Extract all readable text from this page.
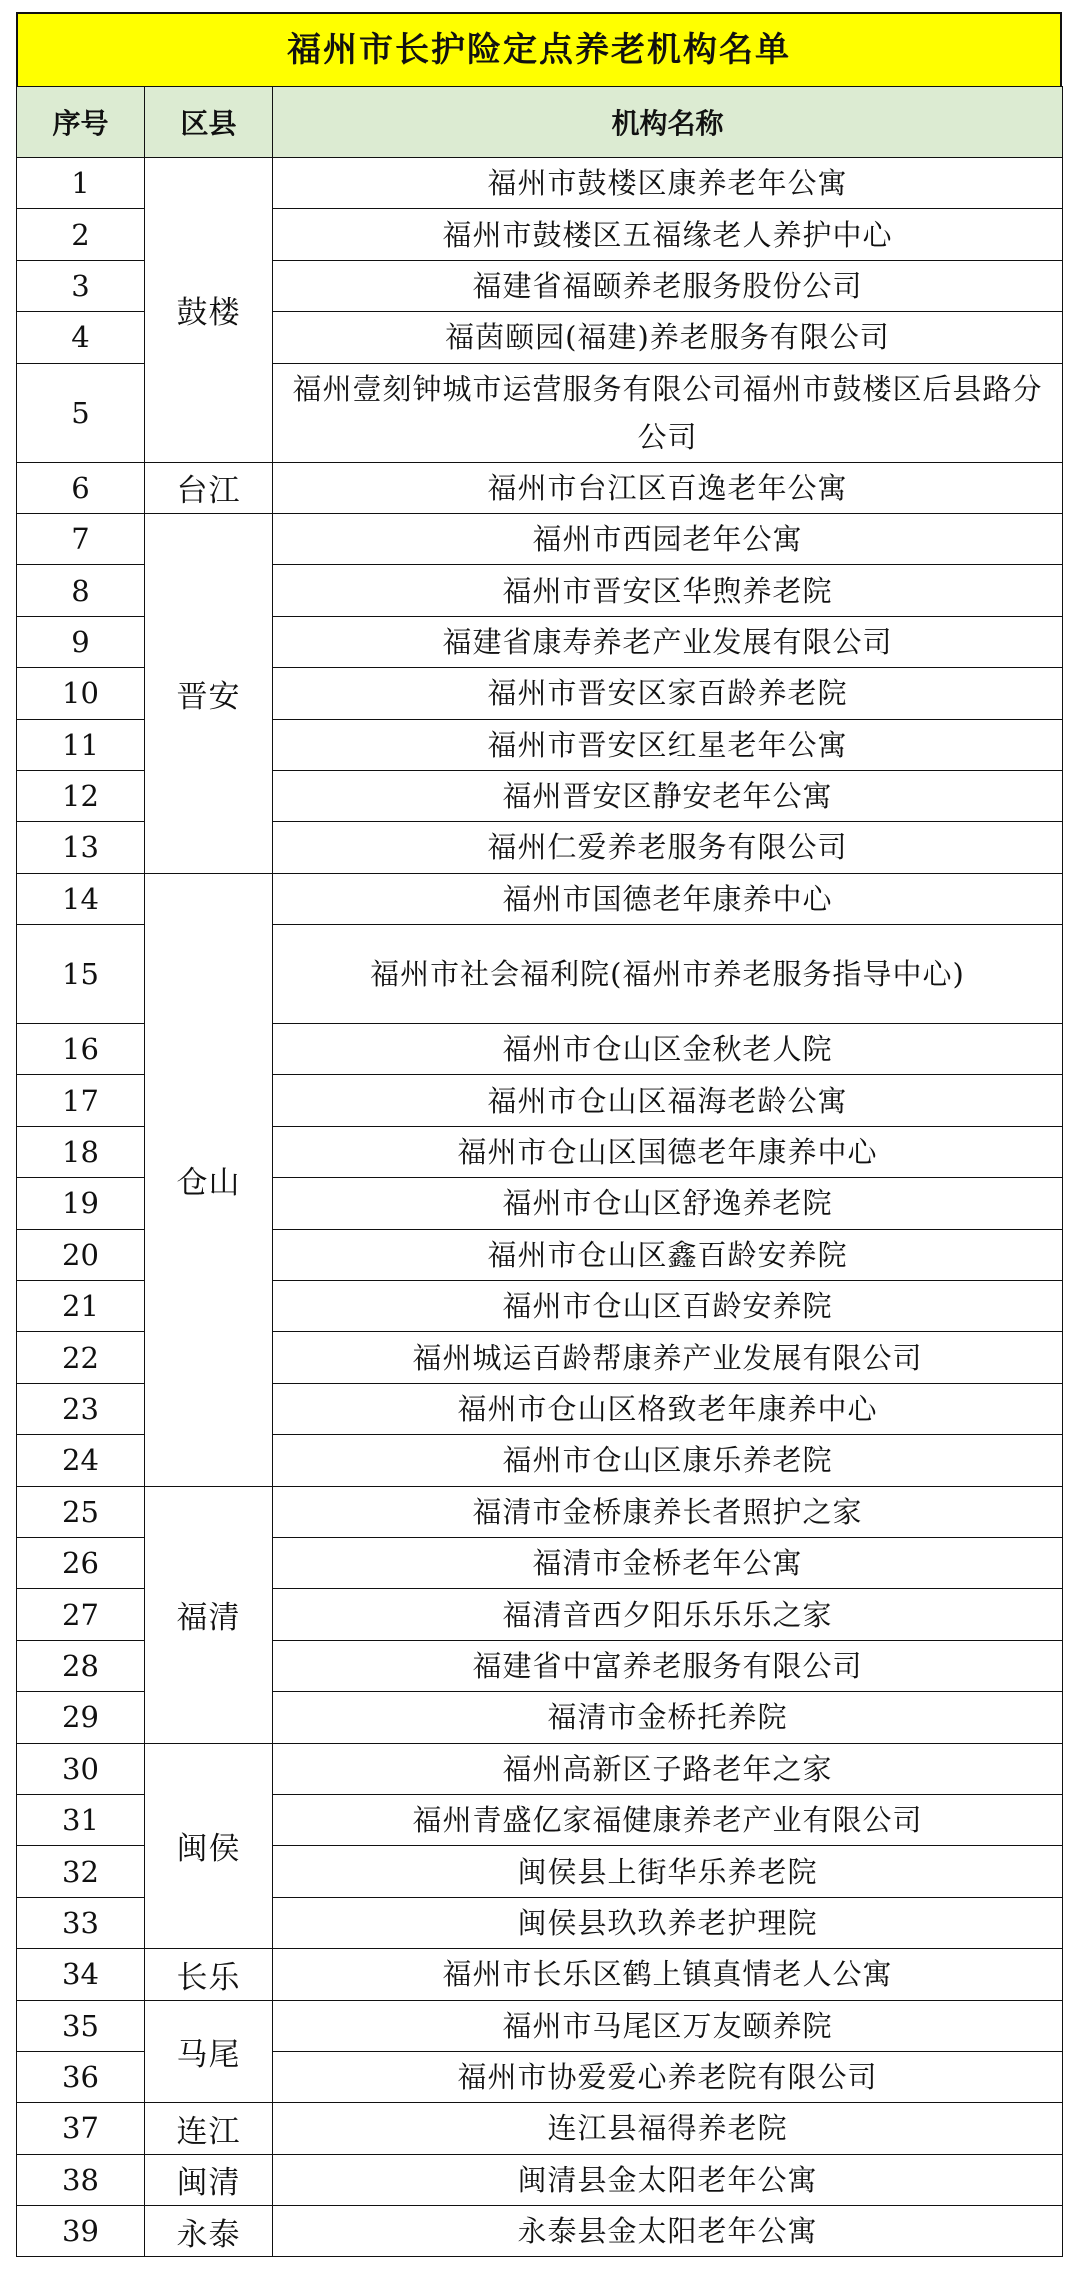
福州市长护险定点养老机构名单
序号	区县	机构名称
1	鼓楼	福州市鼓楼区康养老年公寓
2		福州市鼓楼区五福缘老人养护中心
3		福建省福颐养老服务股份公司
4		福茵颐园(福建)养老服务有限公司
5		福州壹刻钟城市运营服务有限公司福州市鼓楼区后县路分公司
6	台江	福州市台江区百逸老年公寓
7	晋安	福州市西园老年公寓
8		福州市晋安区华煦养老院
9		福建省康寿养老产业发展有限公司
10		福州市晋安区家百龄养老院
11		福州市晋安区红星老年公寓
12		福州晋安区静安老年公寓
13		福州仁爱养老服务有限公司
14	仓山	福州市国德老年康养中心
15		福州市社会福利院(福州市养老服务指导中心)
16		福州市仓山区金秋老人院
17		福州市仓山区福海老龄公寓
18		福州市仓山区国德老年康养中心
19		福州市仓山区舒逸养老院
20		福州市仓山区鑫百龄安养院
21		福州市仓山区百龄安养院
22		福州城运百龄帮康养产业发展有限公司
23		福州市仓山区格致老年康养中心
24		福州市仓山区康乐养老院
25	福清	福清市金桥康养长者照护之家
26		福清市金桥老年公寓
27		福清音西夕阳乐乐乐之家
28		福建省中富养老服务有限公司
29		福清市金桥托养院
30	闽侯	福州高新区子路老年之家
31		福州青盛亿家福健康养老产业有限公司
32		闽侯县上街华乐养老院
33		闽侯县玖玖养老护理院
34	长乐	福州市长乐区鹤上镇真情老人公寓
35	马尾	福州市马尾区万友颐养院
36		福州市协爱爱心养老院有限公司
37	连江	连江县福得养老院
38	闽清	闽清县金太阳老年公寓
39	永泰	永泰县金太阳老年公寓
